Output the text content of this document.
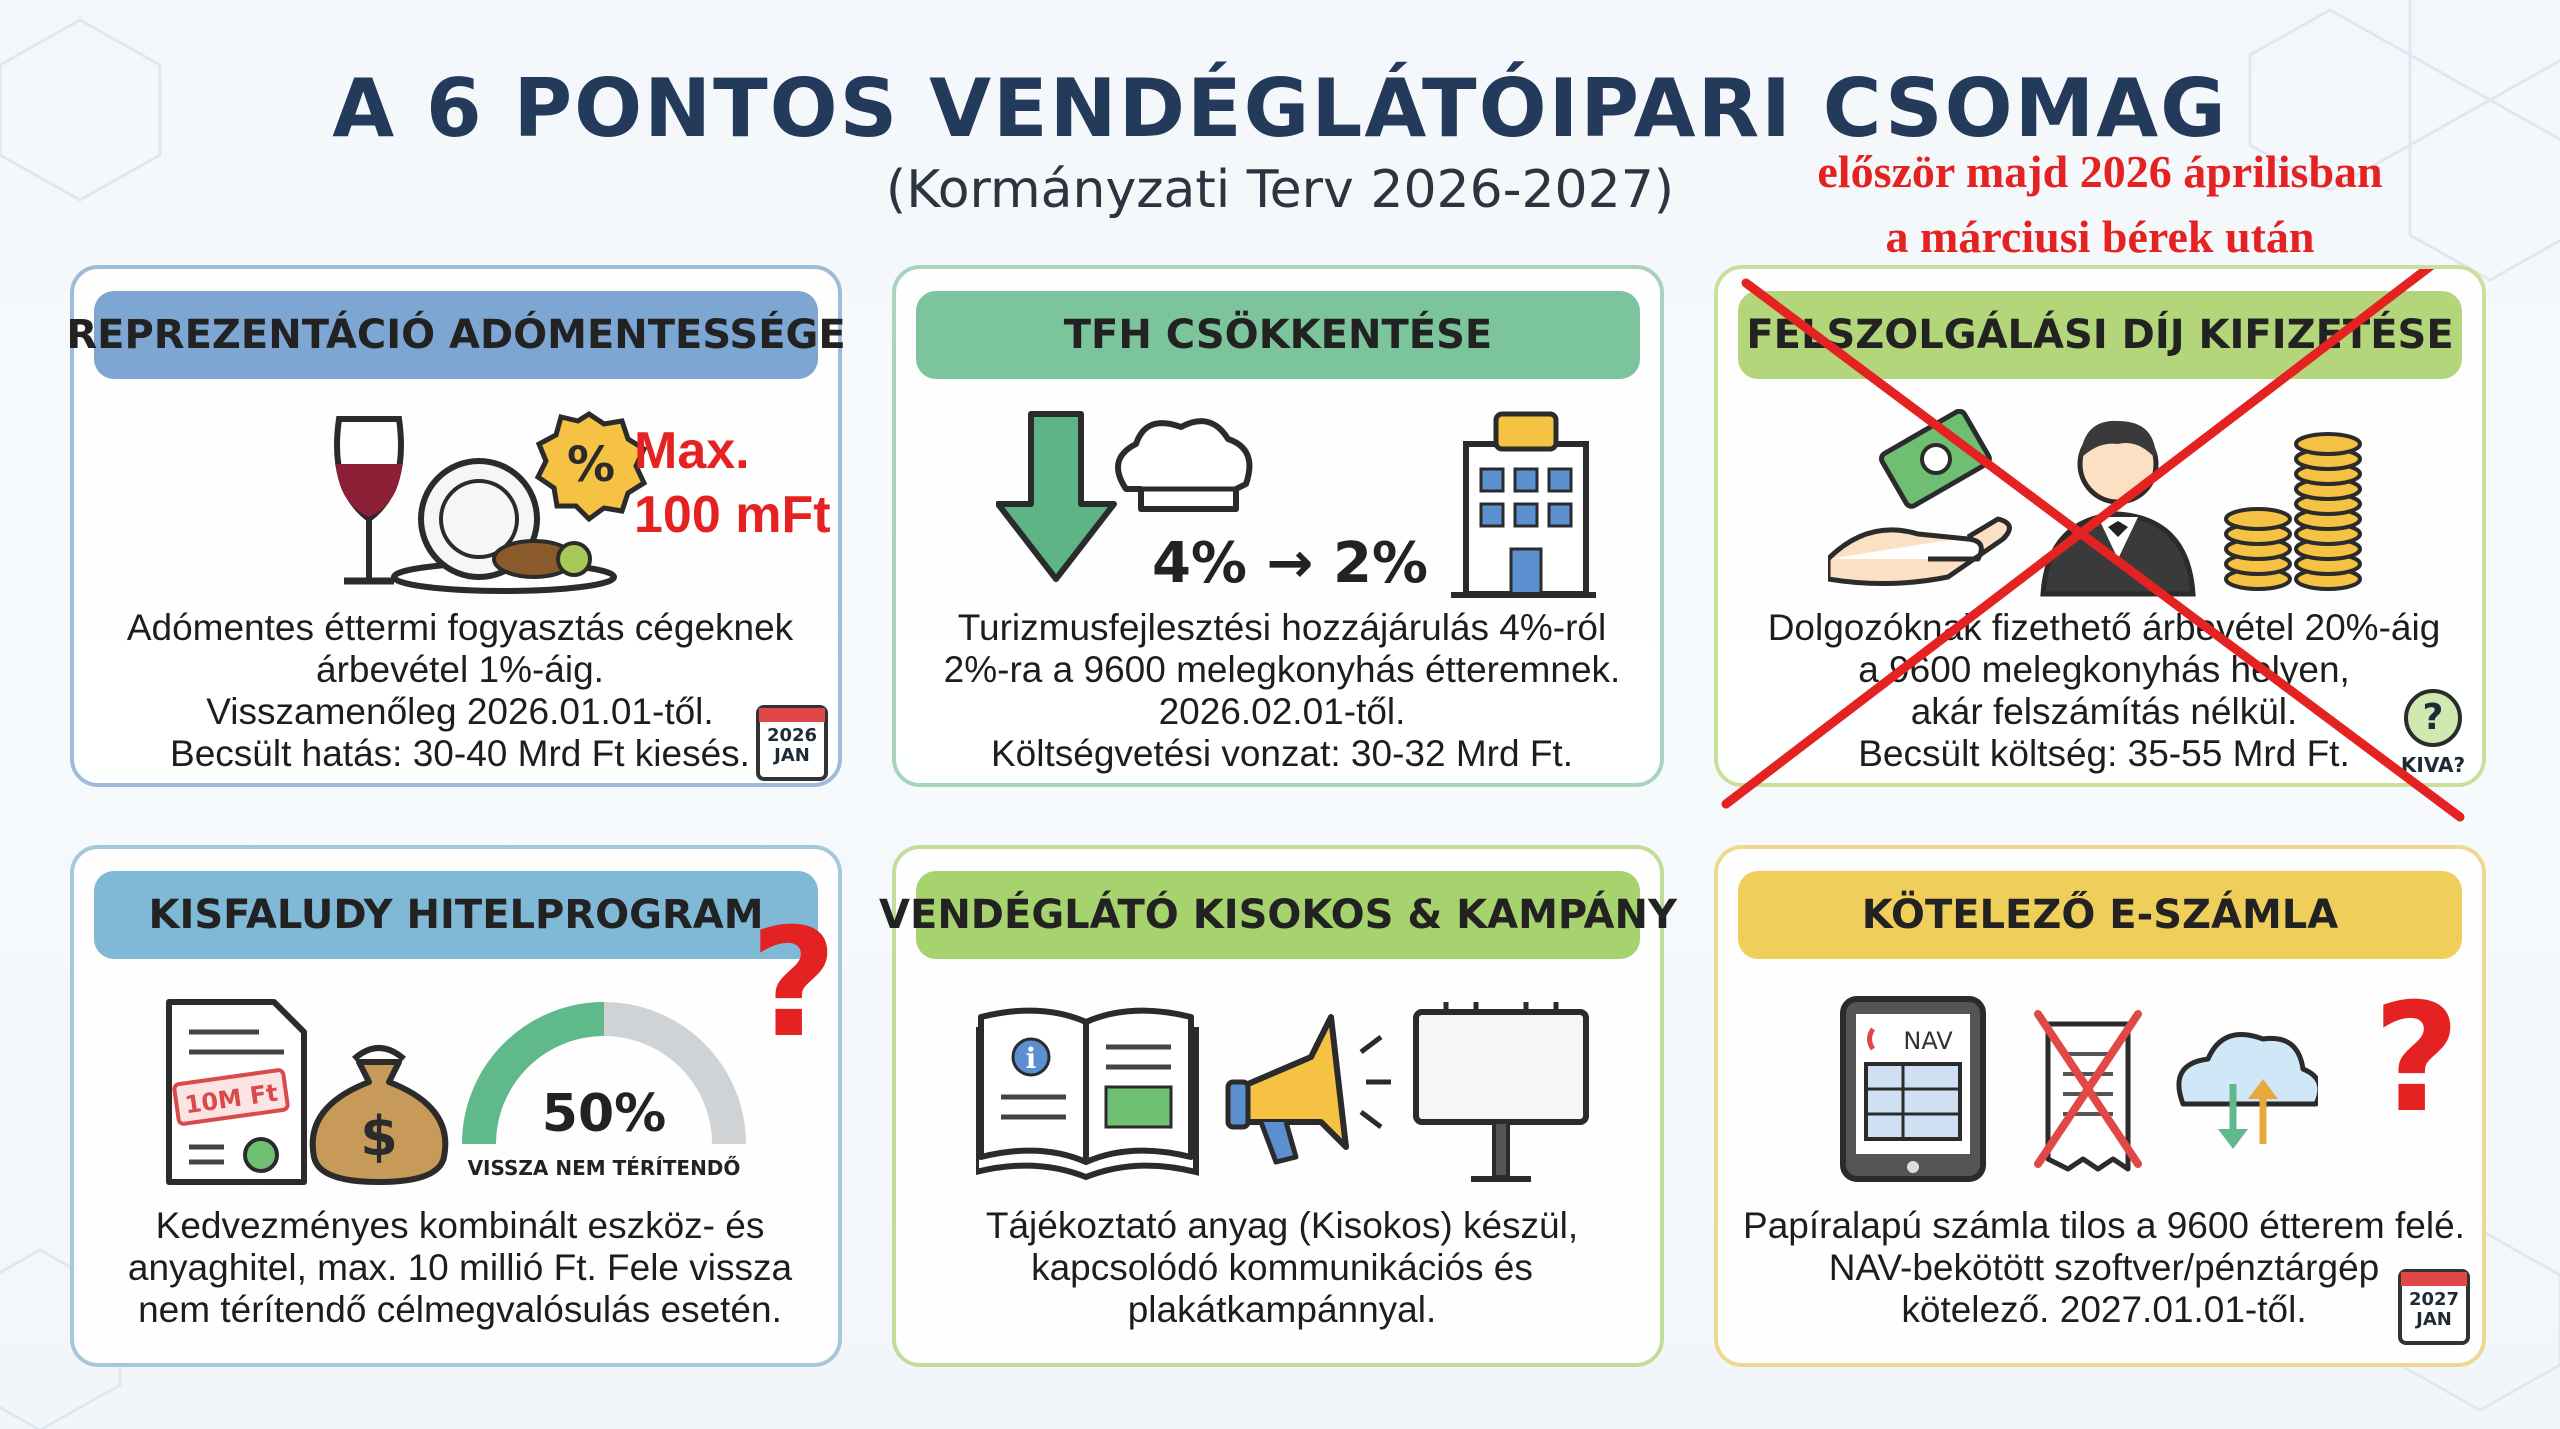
A 6 PONTOS VENDÉGLÁTÓIPARI CSOMAG
(Kormányzati Terv 2026-2027)	először majd 2026 áprilisban
a márciusi bérek után
REPREZENTÁCIÓ ADÓMENTESSÉGE
% Max.
100 mFt
Adómentes éttermi fogyasztás cégeknek
árbevétel 1%-áig.
Visszamenőleg 2026.01.01-től.
Becsült hatás: 30-40 Mrd Ft kiesés. 2026
JAN
TFH CSÖKKENTÉSE
4% → 2%
Turizmusfejlesztési hozzájárulás 4%-ról
2%-ra a 9600 melegkonyhás étteremnek.
2026.02.01-től.
Költségvetési vonzat: 30-32 Mrd Ft.
FELSZOLGÁLÁSI DÍJ KIFIZETÉSE
Dolgozóknak fizethető árbevétel 20%-áig
a 9600 melegkonyhás helyen,
akár felszámítás nélkül.
Becsült költség: 35-55 Mrd Ft.
?
KIVA?
KISFALUDY HITELPROGRAM
10M Ft
$	50%
VISSZA NEM TÉRÍTENDŐ
?
Kedvezményes kombinált eszköz- és
anyaghitel, max. 10 millió Ft. Fele vissza
nem térítendő célmegvalósulás esetén.
VENDÉGLÁTÓ KISOKOS & KAMPÁNY
i
Tájékoztató anyag (Kisokos) készül,
kapcsolódó kommunikációs és
plakátkampánnyal.
KÖTELEZŐ E-SZÁMLA
NAV	?
Papíralapú számla tilos a 9600 étterem felé.
NAV-bekötött szoftver/pénztárgép
kötelező. 2027.01.01-től.	2027
JAN
